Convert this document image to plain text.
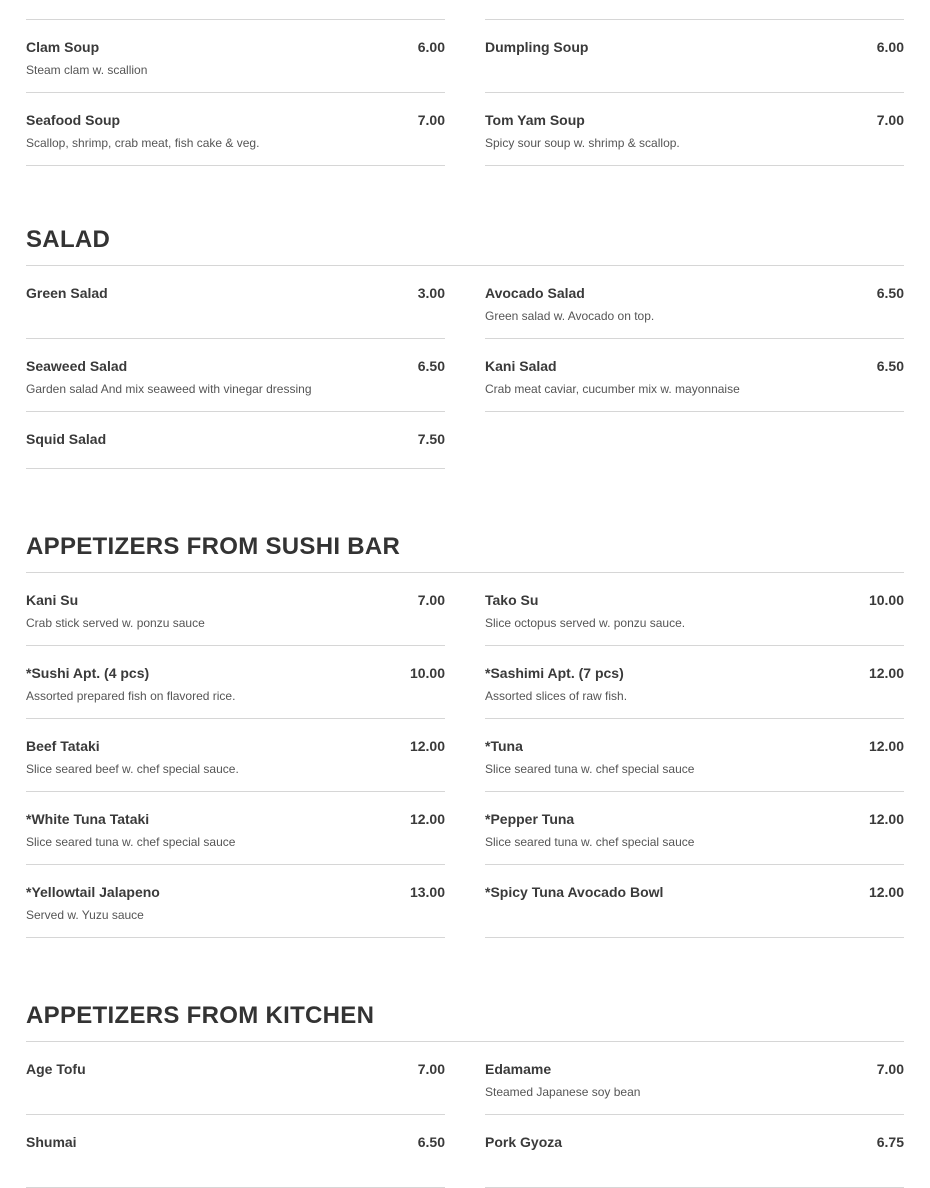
Clam Soup	6.00
Steam clam w. scallion
Dumpling Soup	6.00
Seafood Soup	7.00
Scallop, shrimp, crab meat, fish cake & veg.
Tom Yam Soup	7.00
Spicy sour soup w. shrimp & scallop.
SALAD
Green Salad	3.00	Avocado Salad	6.50
Green salad w. Avocado on top.
Seaweed Salad	6.50
Garden salad And mix seaweed with vinegar dressing
Kani Salad	6.50
Crab meat caviar, cucumber mix w. mayonnaise
Squid Salad	7.50
APPETIZERS FROM SUSHI BAR
Kani Su	7.00
Crab stick served w. ponzu sauce
Tako Su	10.00
Slice octopus served w. ponzu sauce.
*Sushi Apt. (4 pcs)	10.00
Assorted prepared fish on flavored rice.
*Sashimi Apt. (7 pcs)	12.00
Assorted slices of raw fish.
Beef Tataki	12.00
Slice seared beef w. chef special sauce.
*Tuna	12.00
Slice seared tuna w. chef special sauce
*White Tuna Tataki	12.00
Slice seared tuna w. chef special sauce
*Pepper Tuna	12.00
Slice seared tuna w. chef special sauce
*Yellowtail Jalapeno	13.00
Served w. Yuzu sauce
*Spicy Tuna Avocado Bowl	12.00
APPETIZERS FROM KITCHEN
Age Tofu	7.00	Edamame	7.00
Steamed Japanese soy bean
Shumai	6.50	Pork Gyoza	6.75
